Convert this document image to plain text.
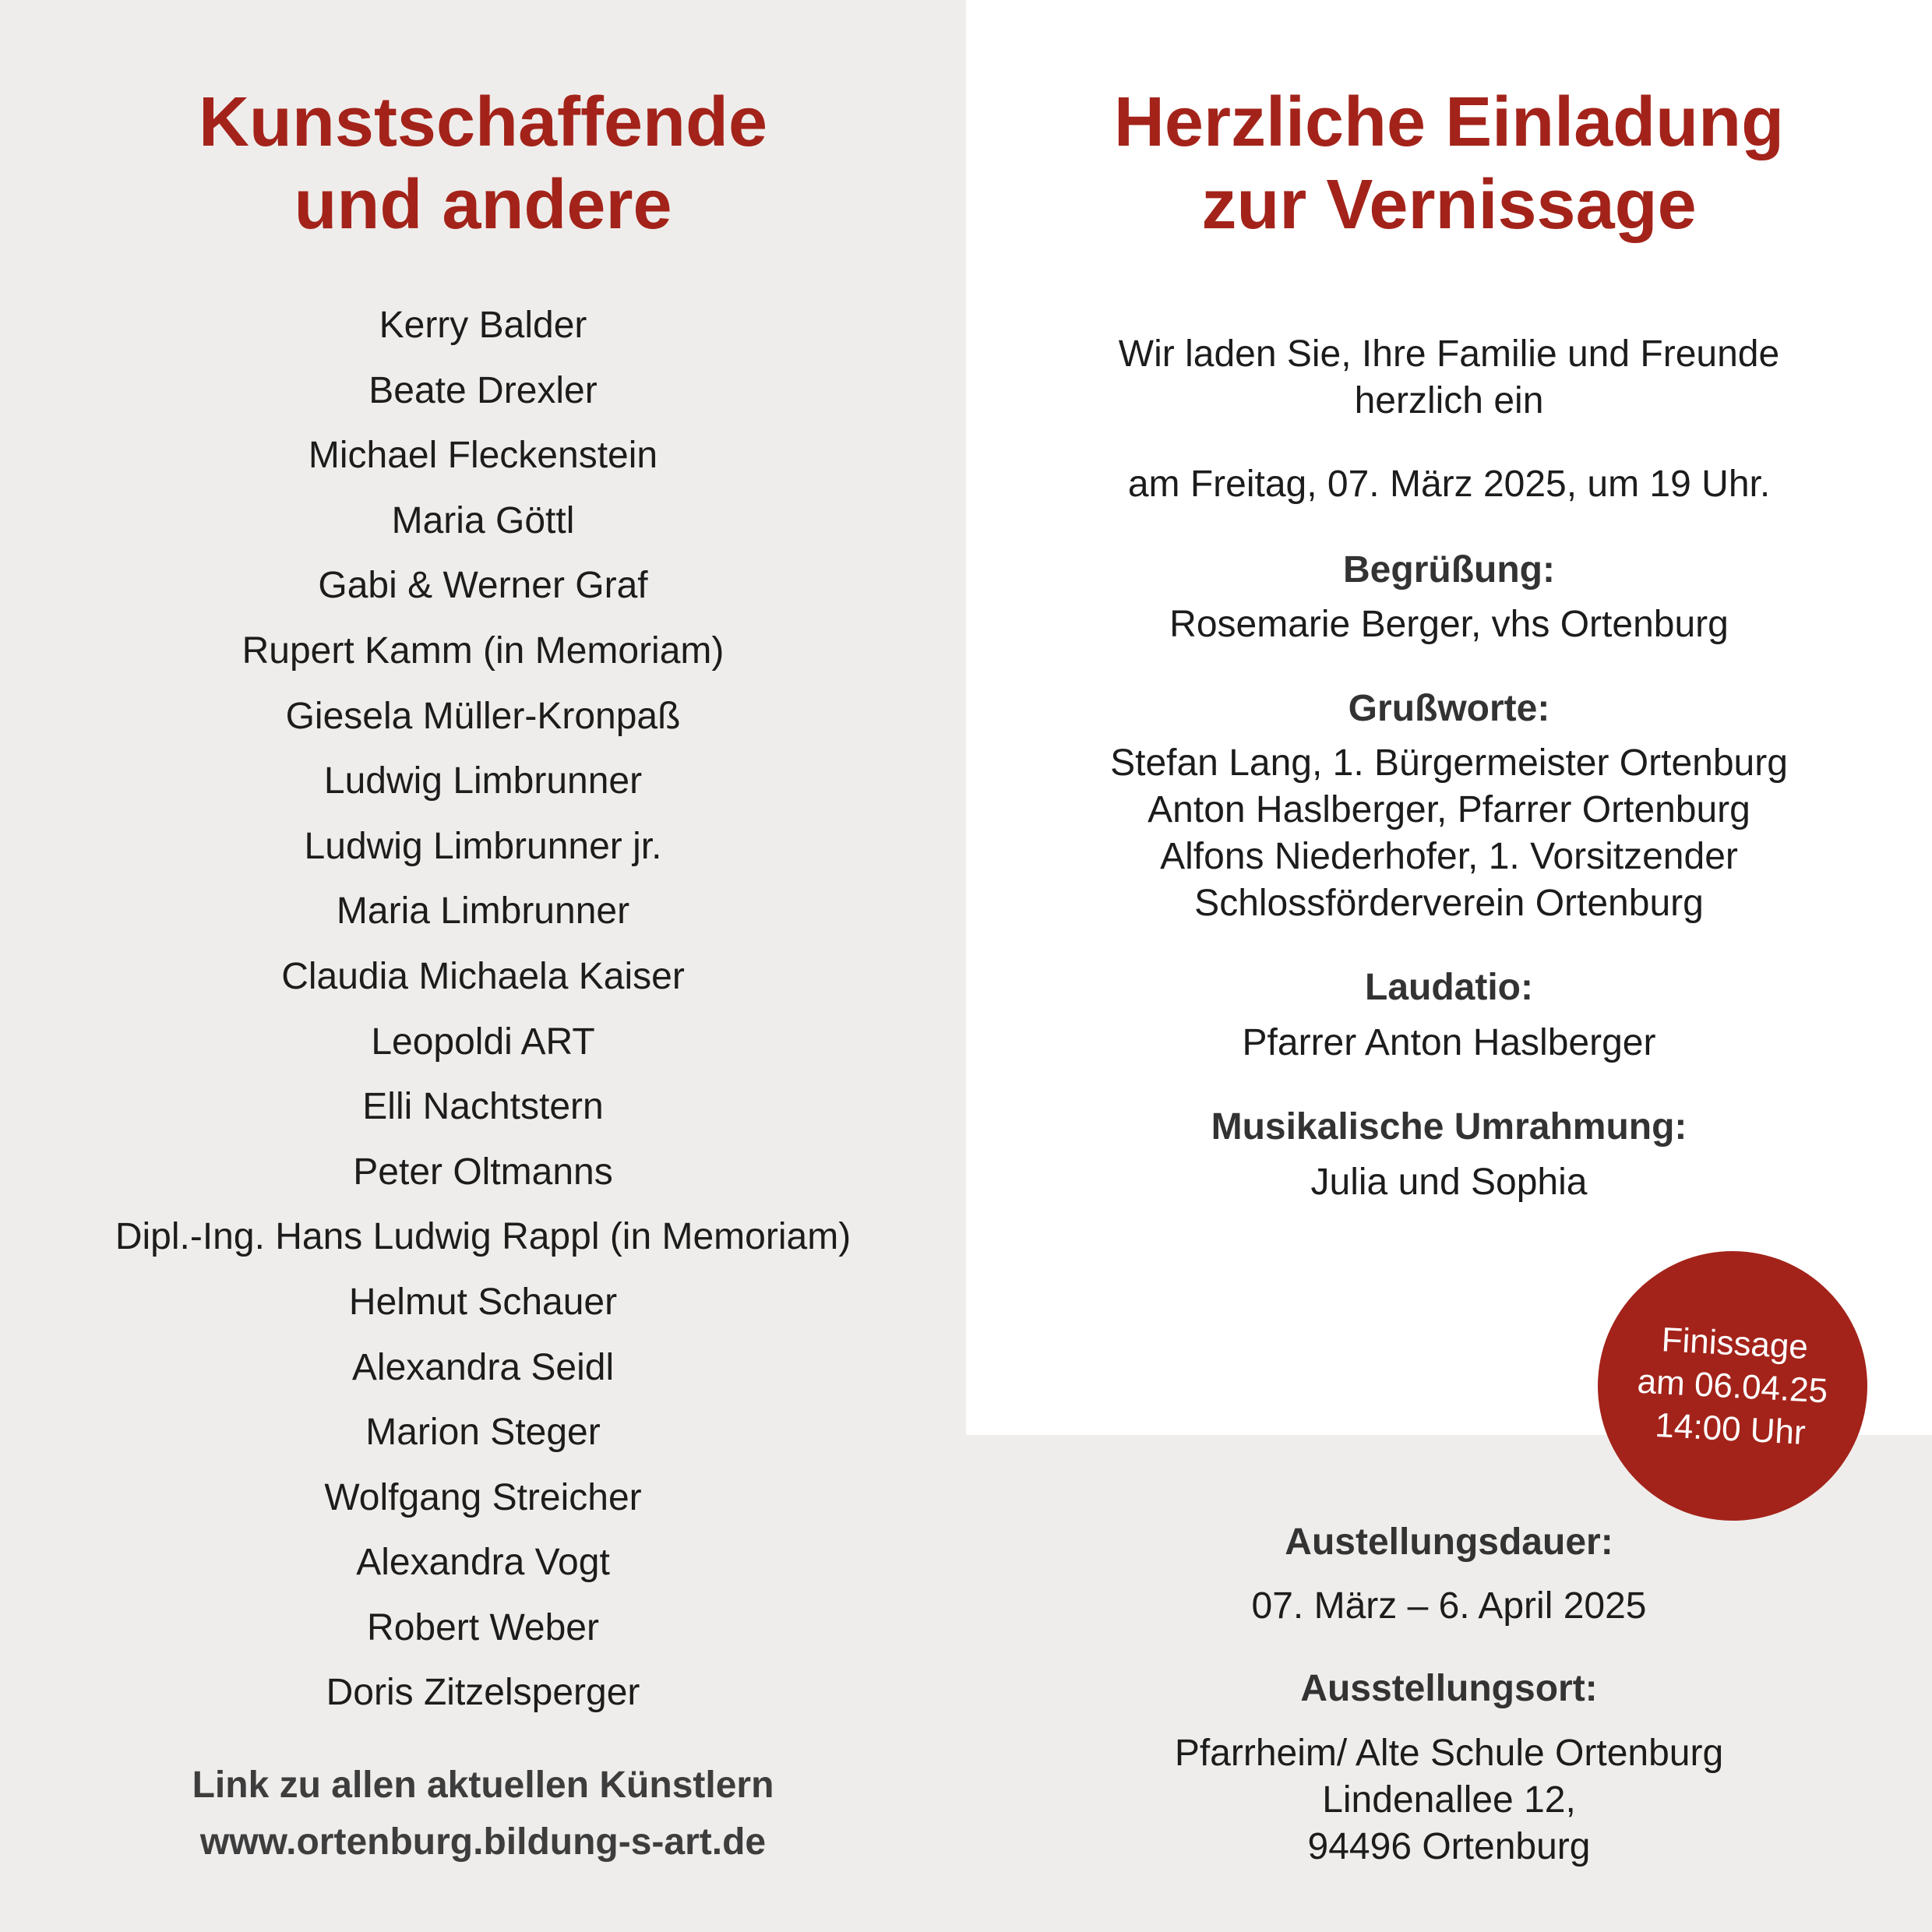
Kunstschaffende
und andere
Kerry Balder
Beate Drexler
Michael Fleckenstein
Maria Göttl
Gabi & Werner Graf
Rupert Kamm (in Memoriam)
Giesela Müller-Kronpaß
Ludwig Limbrunner
Ludwig Limbrunner jr.
Maria Limbrunner
Claudia Michaela Kaiser
Leopoldi ART
Elli Nachtstern
Peter Oltmanns
Dipl.-Ing. Hans Ludwig Rappl (in Memoriam)
Helmut Schauer
Alexandra Seidl
Marion Steger
Wolfgang Streicher
Alexandra Vogt
Robert Weber
Doris Zitzelsperger
Link zu allen aktuellen Künstlern
www.ortenburg.bildung-s-art.de
Herzliche Einladung
zur Vernissage
Wir laden Sie, Ihre Familie und Freunde
herzlich ein
am Freitag, 07. März 2025, um 19 Uhr.
Begrüßung:
Rosemarie Berger, vhs Ortenburg
Grußworte:
Stefan Lang, 1. Bürgermeister Ortenburg
Anton Haslberger, Pfarrer Ortenburg
Alfons Niederhofer, 1. Vorsitzender
Schlossförderverein Ortenburg
Laudatio:
Pfarrer Anton Haslberger
Musikalische Umrahmung:
Julia und Sophia
Austellungsdauer:
07. März – 6. April 2025
Ausstellungsort:
Pfarrheim/ Alte Schule Ortenburg
Lindenallee 12,
94496 Ortenburg
Finissage
am 06.04.25
14:00 Uhr
